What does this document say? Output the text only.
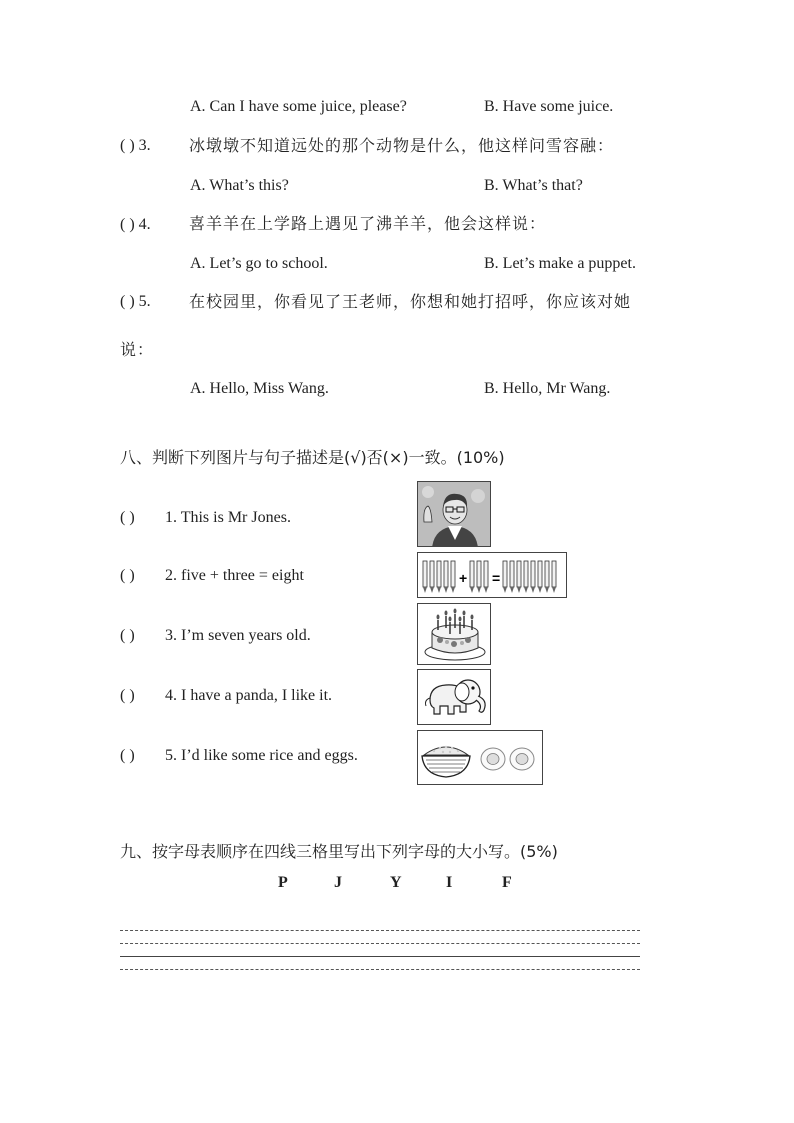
A. Can I have some juice, please?	B. Have some juice.
( ) 3. 冰墩墩不知道远处的那个动物是什么，他这样问雪容融：
A. What’s this?	B. What’s that?
( ) 4. 喜羊羊在上学路上遇见了沸羊羊，他会这样说：
A. Let’s go to school.	B. Let’s make a puppet.
( ) 5. 在校园里，你看见了王老师，你想和她打招呼，你应该对她
说：
A. Hello, Miss Wang.	B. Hello, Mr Wang.
八、判断下列图片与句子描述是(√)否(×)一致。(10%)
( ) 1. This is Mr Jones.
( ) 2. five + three = eight
( ) 3. I’m seven years old.
( ) 4. I have a panda, I like it.
( ) 5. I’d like some rice and eggs.
+ =
九、按字母表顺序在四线三格里写出下列字母的大小写。(5%)
P	J	Y	I	F
